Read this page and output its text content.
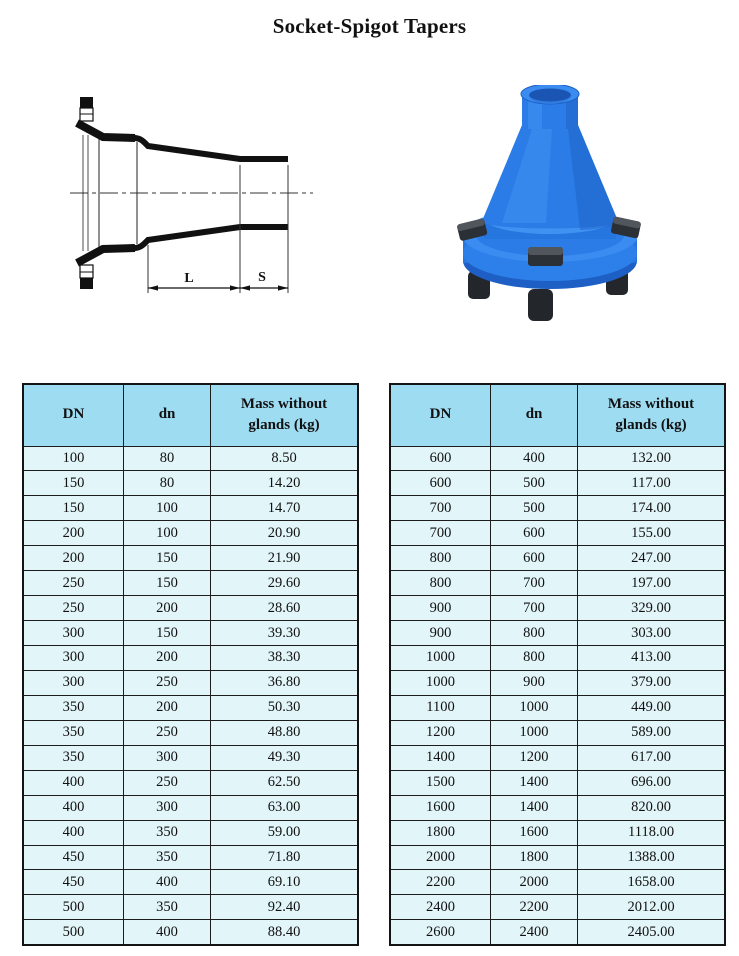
Socket-Spigot Tapers
L	S
DN	dn	Mass without
glands (kg)
100	80	8.50
150	80	14.20
150	100	14.70
200	100	20.90
200	150	21.90
250	150	29.60
250	200	28.60
300	150	39.30
300	200	38.30
300	250	36.80
350	200	50.30
350	250	48.80
350	300	49.30
400	250	62.50
400	300	63.00
400	350	59.00
450	350	71.80
450	400	69.10
500	350	92.40
500	400	88.40
DN	dn	Mass without
glands (kg)
600	400	132.00
600	500	117.00
700	500	174.00
700	600	155.00
800	600	247.00
800	700	197.00
900	700	329.00
900	800	303.00
1000	800	413.00
1000	900	379.00
1100	1000	449.00
1200	1000	589.00
1400	1200	617.00
1500	1400	696.00
1600	1400	820.00
1800	1600	1118.00
2000	1800	1388.00
2200	2000	1658.00
2400	2200	2012.00
2600	2400	2405.00
